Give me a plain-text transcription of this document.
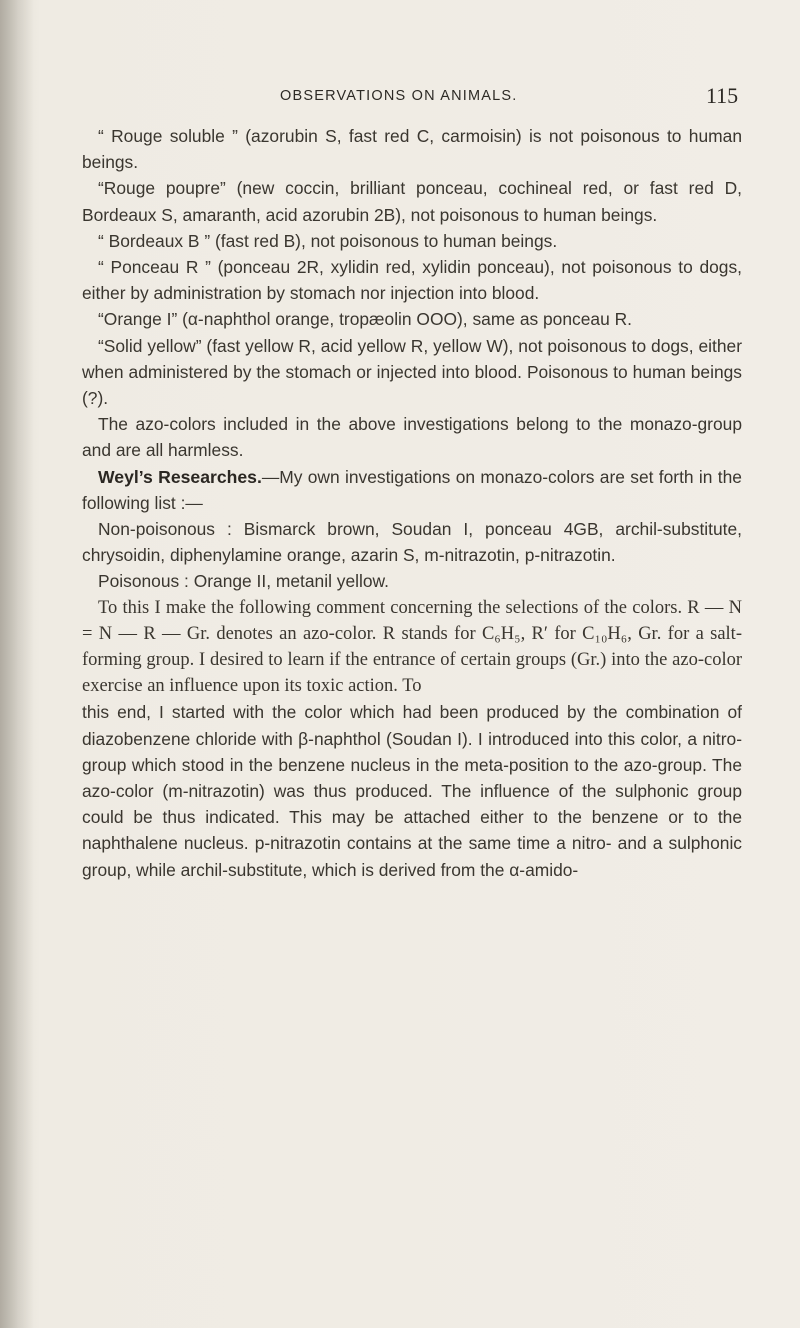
OBSERVATIONS ON ANIMALS.	115

“ Rouge soluble ” (azorubin S, fast red C, carmoisin) is not poisonous to human beings.

“Rouge poupre” (new coccin, brilliant ponceau, cochineal red, or fast red D, Bordeaux S, amaranth, acid azorubin 2B), not poisonous to human beings.

“ Bordeaux B ” (fast red B), not poisonous to human beings.

“ Ponceau R ” (ponceau 2R, xylidin red, xylidin ponceau), not poisonous to dogs, either by administration by stomach nor injection into blood.

“Orange I” (α-naphthol orange, tropæolin OOO), same as ponceau R.

“Solid yellow” (fast yellow R, acid yellow R, yellow W), not poisonous to dogs, either when administered by the stomach or injected into blood. Poisonous to human beings (?).

The azo-colors included in the above investigations belong to the monazo-group and are all harmless.

Weyl’s Researches.—My own investigations on monazo-colors are set forth in the following list :—

Non-poisonous : Bismarck brown, Soudan I, ponceau 4GB, archil-substitute, chrysoidin, diphenylamine orange, azarin S, m-nitrazotin, p-nitrazotin.

Poisonous : Orange II, metanil yellow.

To this I make the following comment concerning the selections of the colors. R — N = N — R — Gr. denotes an azo-color. R stands for C₆H₅, R′ for C₁₀H₆, Gr. for a salt-forming group. I desired to learn if the entrance of certain groups (Gr.) into the azo-color exercise an influence upon its toxic action. To

this end, I started with the color which had been produced by the combination of diazobenzene chloride with β-naphthol (Soudan I). I introduced into this color, a nitro-group which stood in the benzene nucleus in the meta-position to the azo-group. The azo-color (m-nitrazotin) was thus produced. The influence of the sulphonic group could be thus indicated. This may be attached either to the benzene or to the naphthalene nucleus. p-nitrazotin contains at the same time a nitro- and a sulphonic group, while archil-substitute, which is derived from the α-amido-
